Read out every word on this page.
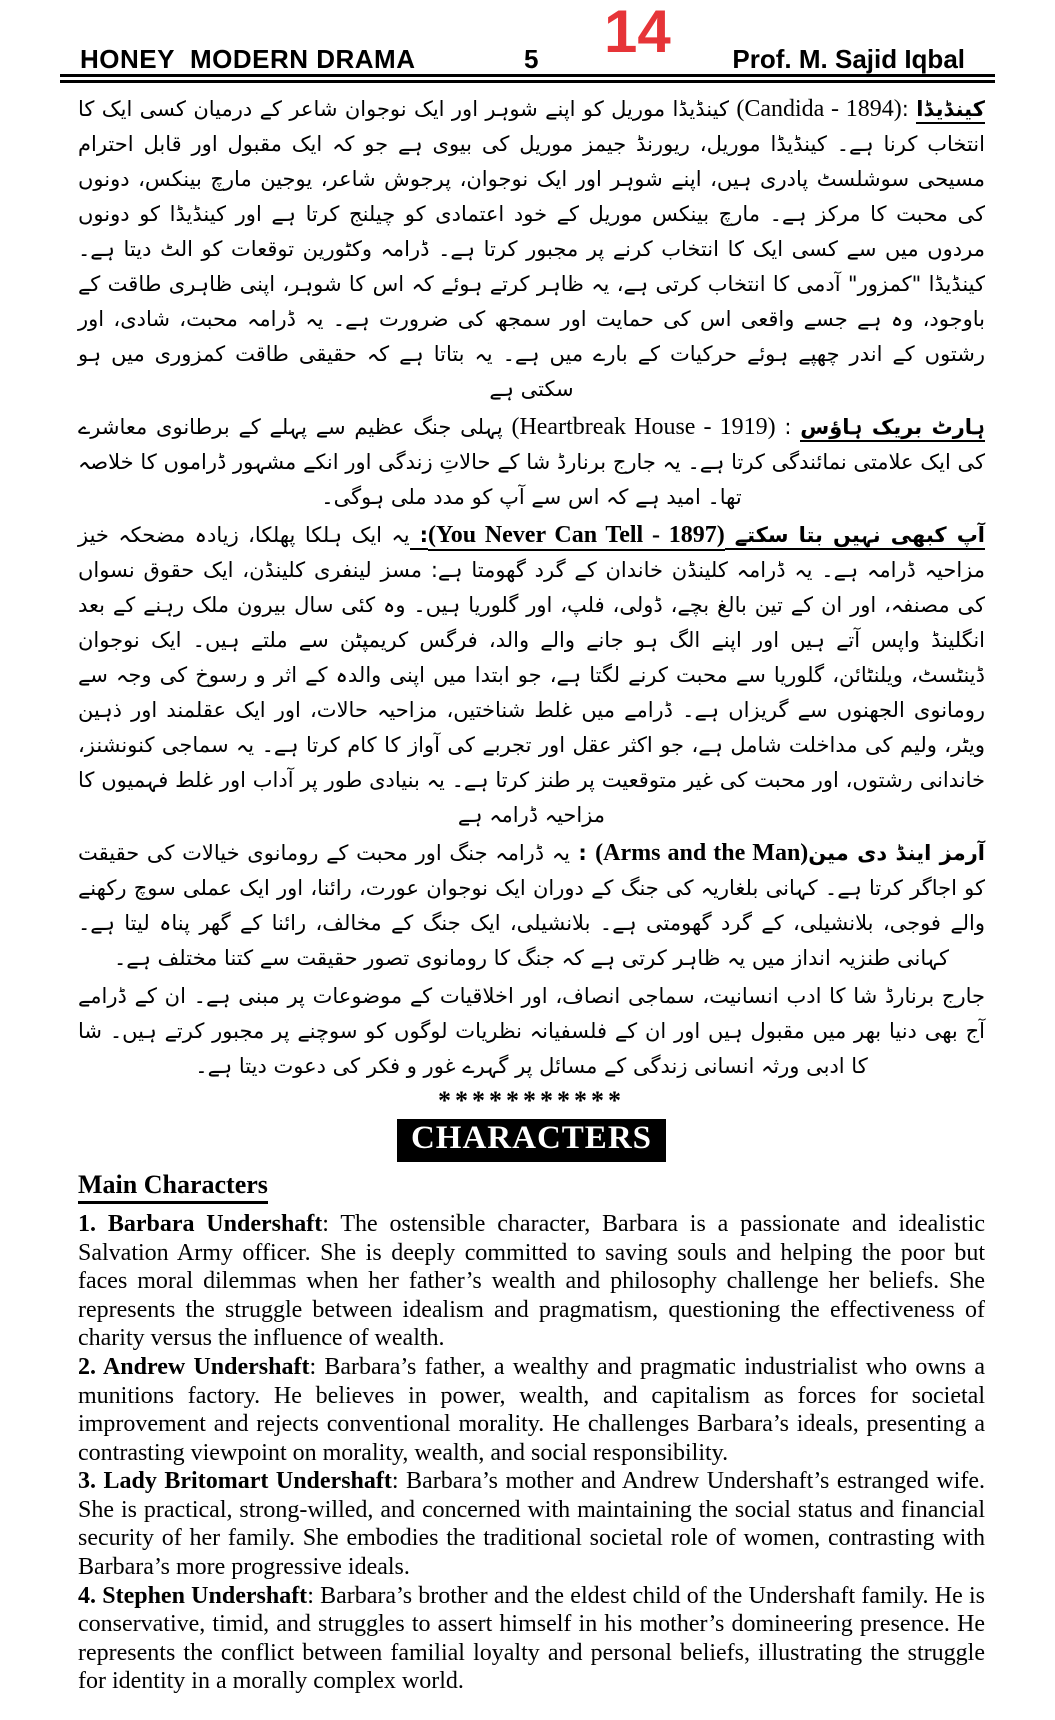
HONEY  MODERN DRAMA	5 14 Prof. M. Sajid Iqbal

کینڈیڈا :(Candida - 1894) کینڈیڈا موریل کو اپنے شوہر اور ایک نوجوان شاعر کے درمیان کسی ایک کا انتخاب کرنا ہے۔ کینڈیڈا موریل، ریورنڈ جیمز موریل کی بیوی ہے جو کہ ایک مقبول اور قابل احترام مسیحی سوشلسٹ پادری ہیں، اپنے شوہر اور ایک نوجوان، پرجوش شاعر، یوجین مارچ بینکس، دونوں کی محبت کا مرکز ہے۔ مارچ بینکس موریل کے خود اعتمادی کو چیلنج کرتا ہے اور کینڈیڈا کو دونوں مردوں میں سے کسی ایک کا انتخاب کرنے پر مجبور کرتا ہے۔ ڈرامہ وکٹورین توقعات کو الٹ دیتا ہے۔ کینڈیڈا "کمزور" آدمی کا انتخاب کرتی ہے، یہ ظاہر کرتے ہوئے کہ اس کا شوہر، اپنی ظاہری طاقت کے باوجود، وہ ہے جسے واقعی اس کی حمایت اور سمجھ کی ضرورت ہے۔ یہ ڈرامہ محبت، شادی، اور رشتوں کے اندر چھپے ہوئے حرکیات کے بارے میں ہے۔ یہ بتاتا ہے کہ حقیقی طاقت کمزوری میں ہو سکتی ہے

ہارٹ بریک ہاؤس : (Heartbreak House - 1919) پہلی جنگ عظیم سے پہلے کے برطانوی معاشرے کی ایک علامتی نمائندگی کرتا ہے۔ یہ جارج برنارڈ شا کے حالاتِ زندگی اور انکے مشہور ڈراموں کا خلاصہ تھا۔ امید ہے کہ اس سے آپ کو مدد ملی ہوگی۔

آپ کبھی نہیں بتا سکتے (You Never Can Tell - 1897): یہ ایک ہلکا پھلکا، زیادہ مضحکہ خیز مزاحیہ ڈرامہ ہے۔ یہ ڈرامہ کلینڈن خاندان کے گرد گھومتا ہے: مسز لینفری کلینڈن، ایک حقوق نسواں کی مصنفہ، اور ان کے تین بالغ بچے، ڈولی، فلپ، اور گلوریا ہیں۔ وہ کئی سال بیرون ملک رہنے کے بعد انگلینڈ واپس آتے ہیں اور اپنے الگ ہو جانے والے والد، فرگس کریمپٹن سے ملتے ہیں۔ ایک نوجوان ڈینٹسٹ، ویلنٹائن، گلوریا سے محبت کرنے لگتا ہے، جو ابتدا میں اپنی والدہ کے اثر و رسوخ کی وجہ سے رومانوی الجھنوں سے گریزاں ہے۔ ڈرامے میں غلط شناختیں، مزاحیہ حالات، اور ایک عقلمند اور ذہین ویٹر، ولیم کی مداخلت شامل ہے، جو اکثر عقل اور تجربے کی آواز کا کام کرتا ہے۔ یہ سماجی کنونشنز، خاندانی رشتوں، اور محبت کی غیر متوقعیت پر طنز کرتا ہے۔ یہ بنیادی طور پر آداب اور غلط فہمیوں کا مزاحیہ ڈرامہ ہے

آرمز اینڈ دی مین(Arms and the Man) : یہ ڈرامہ جنگ اور محبت کے رومانوی خیالات کی حقیقت کو اجاگر کرتا ہے۔ کہانی بلغاریہ کی جنگ کے دوران ایک نوجوان عورت، رائنا، اور ایک عملی سوچ رکھنے والے فوجی، بلانشیلی، کے گرد گھومتی ہے۔ بلانشیلی، ایک جنگ کے مخالف، رائنا کے گھر پناہ لیتا ہے۔ کہانی طنزیہ انداز میں یہ ظاہر کرتی ہے کہ جنگ کا رومانوی تصور حقیقت سے کتنا مختلف ہے۔

جارج برنارڈ شا کا ادب انسانیت، سماجی انصاف، اور اخلاقیات کے موضوعات پر مبنی ہے۔ ان کے ڈرامے آج بھی دنیا بھر میں مقبول ہیں اور ان کے فلسفیانہ نظریات لوگوں کو سوچنے پر مجبور کرتے ہیں۔ شا کا ادبی ورثہ انسانی زندگی کے مسائل پر گہرے غور و فکر کی دعوت دیتا ہے۔

***********
CHARACTERS
Main Characters

1. Barbara Undershaft: The ostensible character, Barbara is a passionate and idealistic Salvation Army officer. She is deeply committed to saving souls and helping the poor but faces moral dilemmas when her father’s wealth and philosophy challenge her beliefs. She represents the struggle between idealism and pragmatism, questioning the effectiveness of charity versus the influence of wealth.

2. Andrew Undershaft: Barbara’s father, a wealthy and pragmatic industrialist who owns a munitions factory. He believes in power, wealth, and capitalism as forces for societal improvement and rejects conventional morality. He challenges Barbara’s ideals, presenting a contrasting viewpoint on morality, wealth, and social responsibility.

3. Lady Britomart Undershaft: Barbara’s mother and Andrew Undershaft’s estranged wife. She is practical, strong-willed, and concerned with maintaining the social status and financial security of her family. She embodies the traditional societal role of women, contrasting with Barbara’s more progressive ideals.

4. Stephen Undershaft: Barbara’s brother and the eldest child of the Undershaft family. He is conservative, timid, and struggles to assert himself in his mother’s domineering presence. He represents the conflict between familial loyalty and personal beliefs, illustrating the struggle for identity in a morally complex world.
